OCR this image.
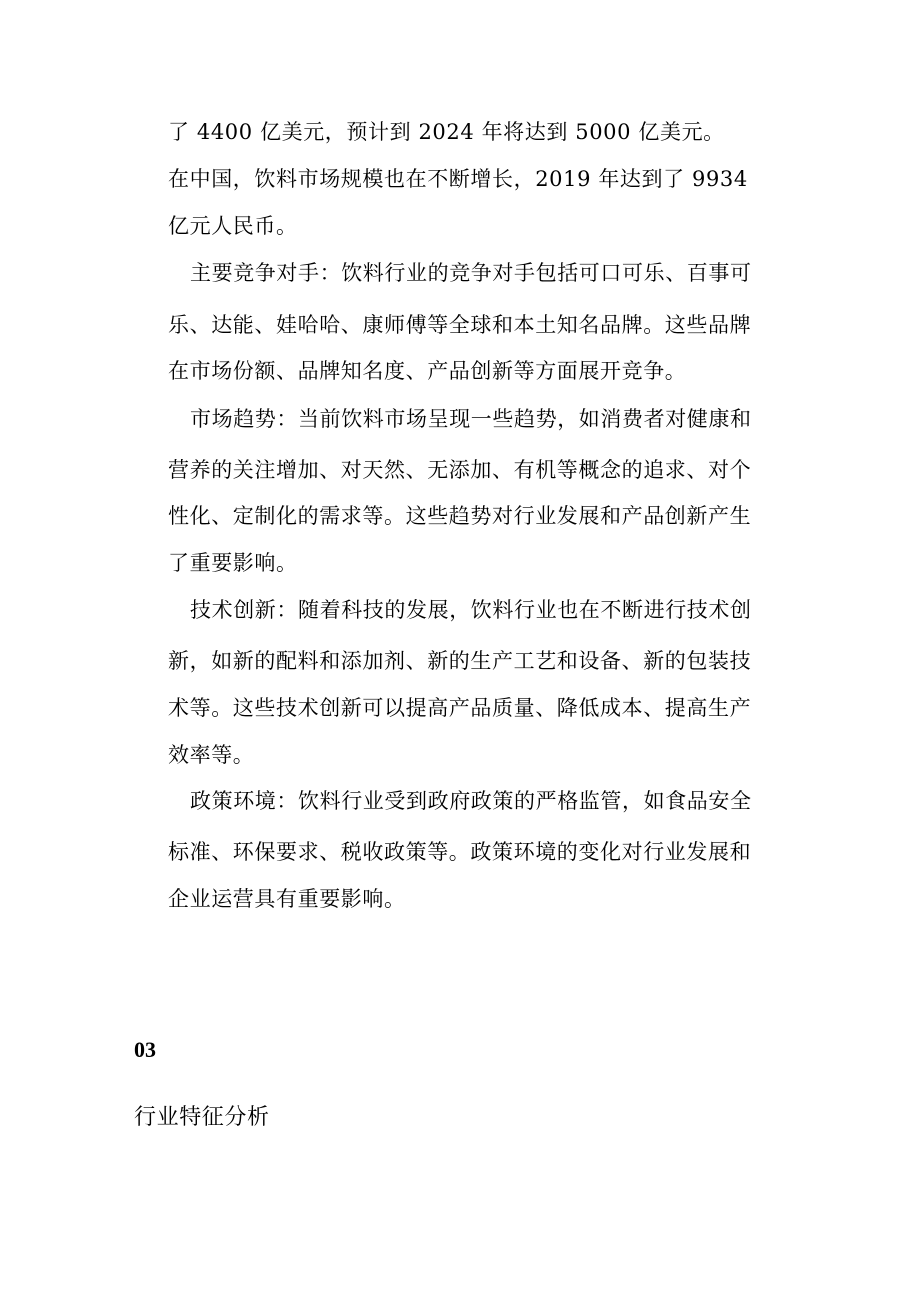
了 4400 亿美元，预计到 2024 年将达到 5000 亿美元。
在中国，饮料市场规模也在不断增长，2019 年达到了 9934
亿元人民币。
主要竞争对手：饮料行业的竞争对手包括可口可乐、百事可
乐、达能、娃哈哈、康师傅等全球和本土知名品牌。这些品牌
在市场份额、品牌知名度、产品创新等方面展开竞争。
市场趋势：当前饮料市场呈现一些趋势，如消费者对健康和
营养的关注增加、对天然、无添加、有机等概念的追求、对个
性化、定制化的需求等。这些趋势对行业发展和产品创新产生
了重要影响。
技术创新：随着科技的发展，饮料行业也在不断进行技术创
新，如新的配料和添加剂、新的生产工艺和设备、新的包装技
术等。这些技术创新可以提高产品质量、降低成本、提高生产
效率等。
政策环境：饮料行业受到政府政策的严格监管，如食品安全
标准、环保要求、税收政策等。政策环境的变化对行业发展和
企业运营具有重要影响。
03
行业特征分析
